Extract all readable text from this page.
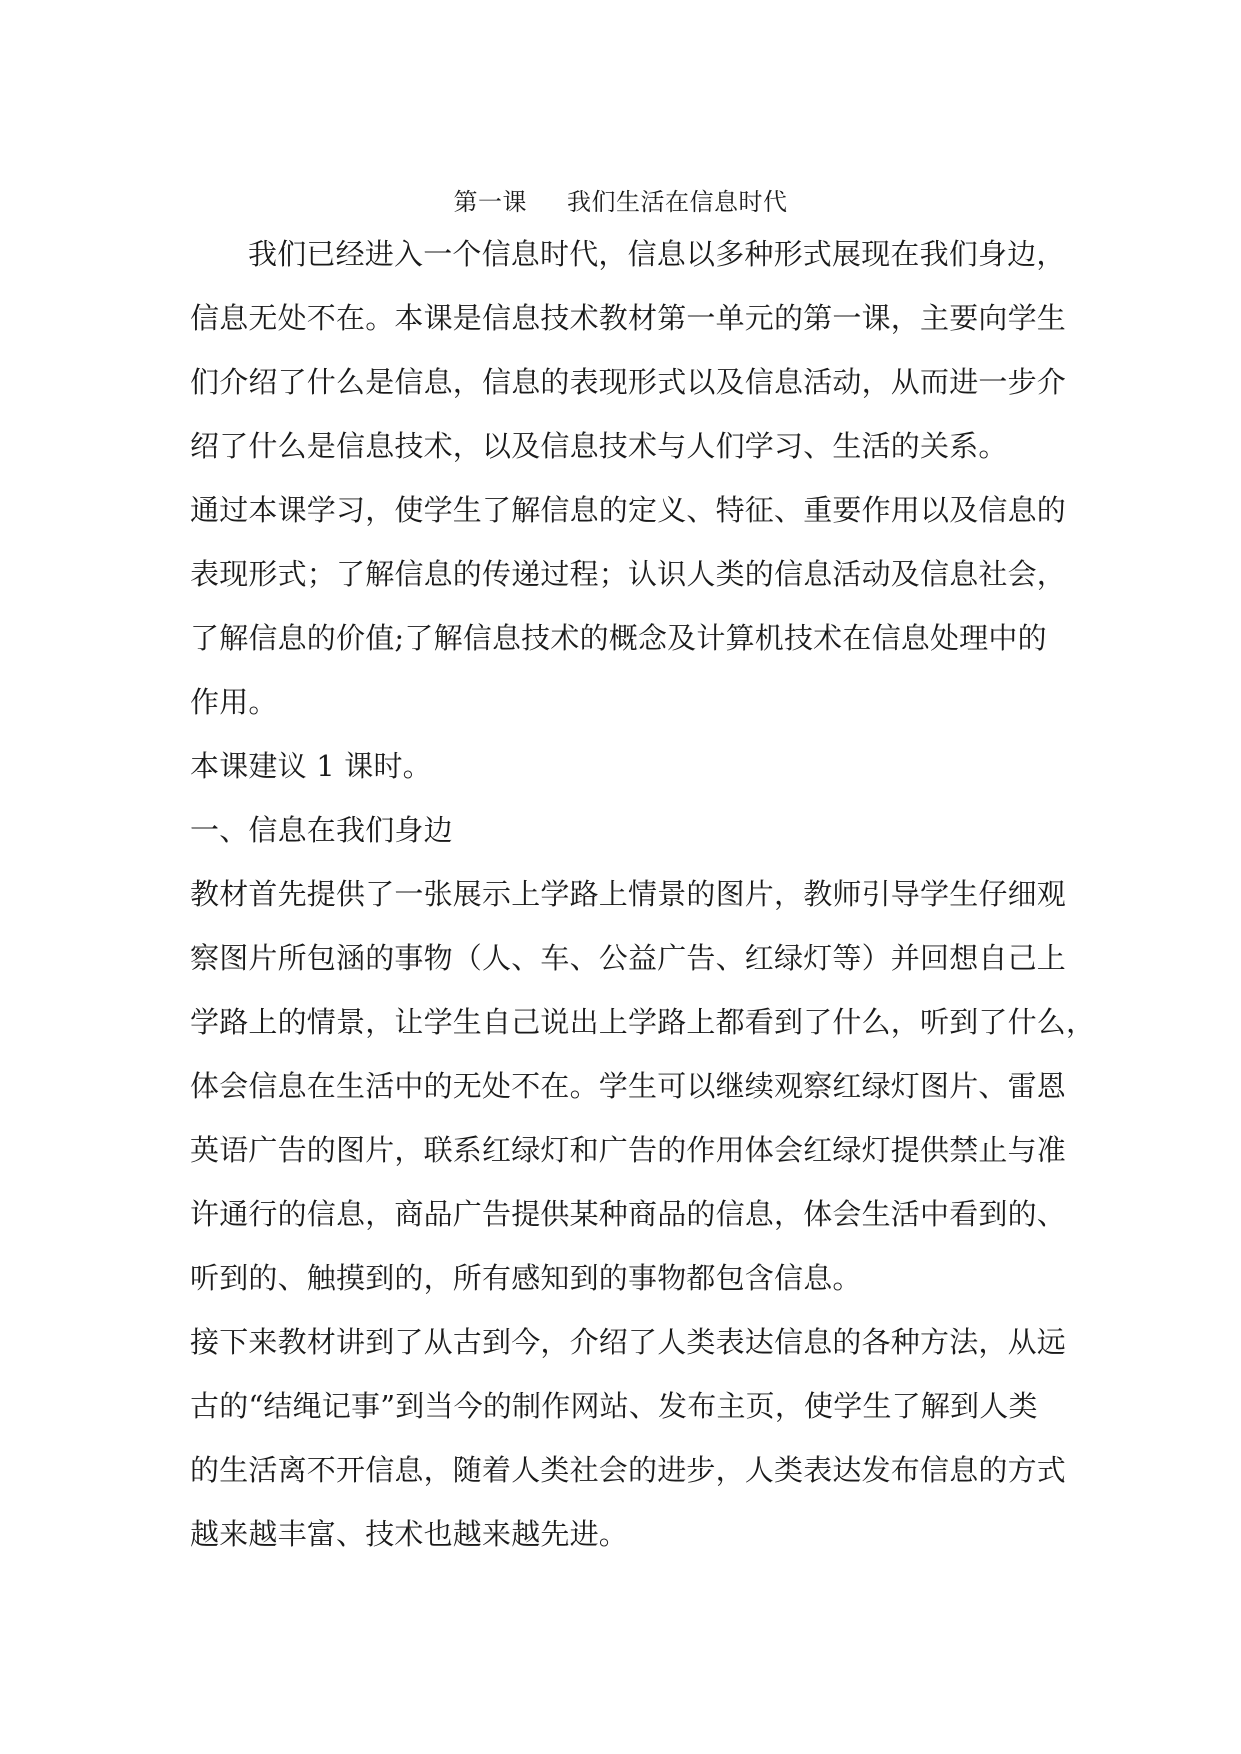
第一课 我们生活在信息时代
我们已经进入一个信息时代，信息以多种形式展现在我们身边，
信息无处不在。本课是信息技术教材第一单元的第一课，主要向学生
们介绍了什么是信息，信息的表现形式以及信息活动，从而进一步介
绍了什么是信息技术，以及信息技术与人们学习、生活的关系。
通过本课学习，使学生了解信息的定义、特征、重要作用以及信息的
表现形式；了解信息的传递过程；认识人类的信息活动及信息社会，
了解信息的价值;了解信息技术的概念及计算机技术在信息处理中的
作用。
本课建议 1 课时。
一、信息在我们身边
教材首先提供了一张展示上学路上情景的图片，教师引导学生仔细观
察图片所包涵的事物（人、车、公益广告、红绿灯等）并回想自己上
学路上的情景，让学生自己说出上学路上都看到了什么，听到了什么，
体会信息在生活中的无处不在。学生可以继续观察红绿灯图片、雷恩
英语广告的图片，联系红绿灯和广告的作用体会红绿灯提供禁止与准
许通行的信息，商品广告提供某种商品的信息，体会生活中看到的、
听到的、触摸到的，所有感知到的事物都包含信息。
接下来教材讲到了从古到今，介绍了人类表达信息的各种方法，从远
古的“结绳记事”到当今的制作网站、发布主页，使学生了解到人类
的生活离不开信息，随着人类社会的进步，人类表达发布信息的方式
越来越丰富、技术也越来越先进。
